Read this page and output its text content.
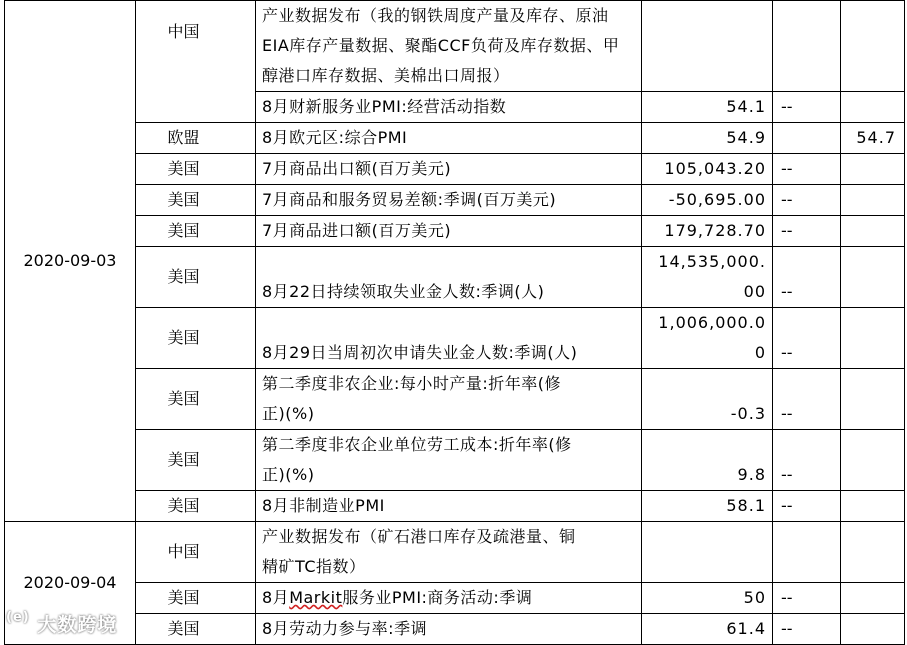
2020-09-03	中国	产业数据发布（我的钢铁周度产量及库存、原油EIA库存产量数据、聚酯CCF负荷及库存数据、甲醇港口库存数据、美棉出口周报）			
		8月财新服务业PMI:经营活动指数	54.1	--	
	欧盟	8月欧元区:综合PMI	54.9		54.7
	美国	7月商品出口额(百万美元)	105,043.20	--	
	美国	7月商品和服务贸易差额:季调(百万美元)	-50,695.00	--	
	美国	7月商品进口额(百万美元)	179,728.70	--	
	美国	8月22日持续领取失业金人数:季调(人)	14,535,000.
00	--	
	美国	8月29日当周初次申请失业金人数:季调(人)	1,006,000.0
0	--	
	美国	第二季度非农企业:每小时产量:折年率(修
正)(%)	-0.3	--	
	美国	第二季度非农企业单位劳工成本:折年率(修
正)(%)	9.8	--	
	美国	8月非制造业PMI	58.1	--	
2020-09-04	中国	产业数据发布（矿石港口库存及疏港量、铜
精矿TC指数）			

	美国	8月Markit服务业PMI:商务活动:季调	50	--	
	美国	8月劳动力参与率:季调	61.4	--	
$^{(e)}$ 大数跨境
